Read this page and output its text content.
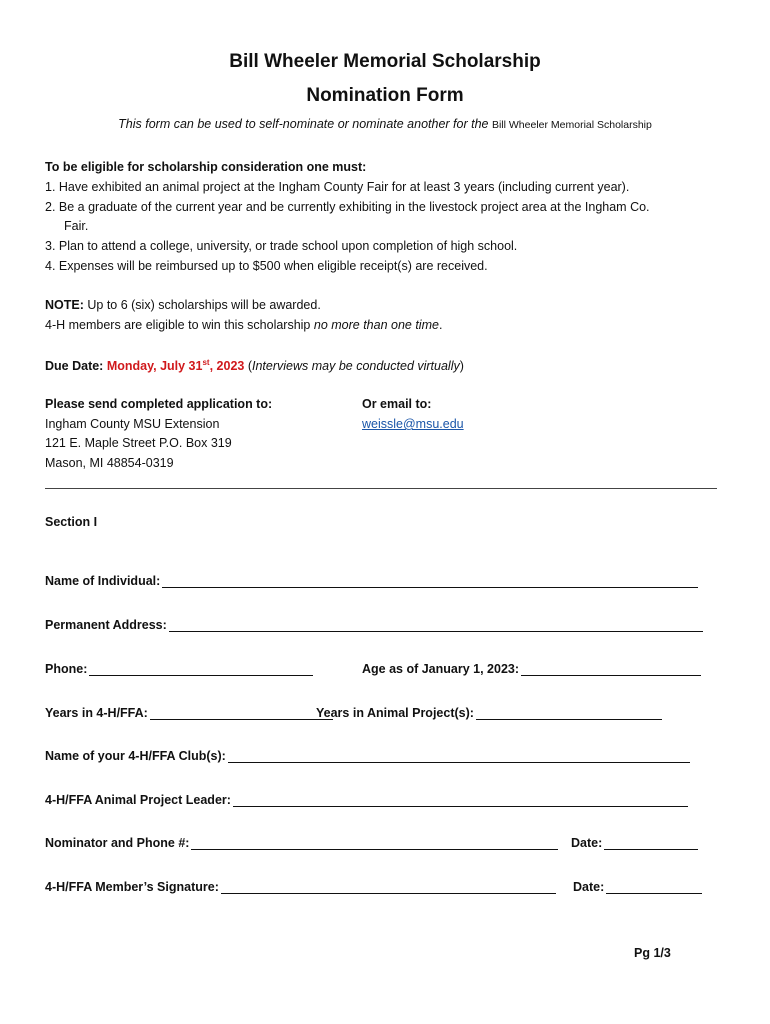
Bill Wheeler Memorial Scholarship
Nomination Form
This form can be used to self-nominate or nominate another for the Bill Wheeler Memorial Scholarship
To be eligible for scholarship consideration one must:
1. Have exhibited an animal project at the Ingham County Fair for at least 3 years (including current year).
2. Be a graduate of the current year and be currently exhibiting in the livestock project area at the Ingham Co.
Fair.
3. Plan to attend a college, university, or trade school upon completion of high school.
4. Expenses will be reimbursed up to $500 when eligible receipt(s) are received.
NOTE: Up to 6 (six) scholarships will be awarded.
4-H members are eligible to win this scholarship no more than one time.
Due Date: Monday, July 31st, 2023 (Interviews may be conducted virtually)
Please send completed application to:
Ingham County MSU Extension
121 E. Maple Street P.O. Box 319
Mason, MI 48854-0319
Or email to:
weissle@msu.edu
Section I
Name of Individual:
Permanent Address:
Phone:	Age as of January 1, 2023:
Years in 4-H/FFA:	Years in Animal Project(s):
Name of your 4-H/FFA Club(s):
4-H/FFA Animal Project Leader:
Nominator and Phone #:	Date:
4-H/FFA Member’s Signature:	Date:
Pg 1/3
